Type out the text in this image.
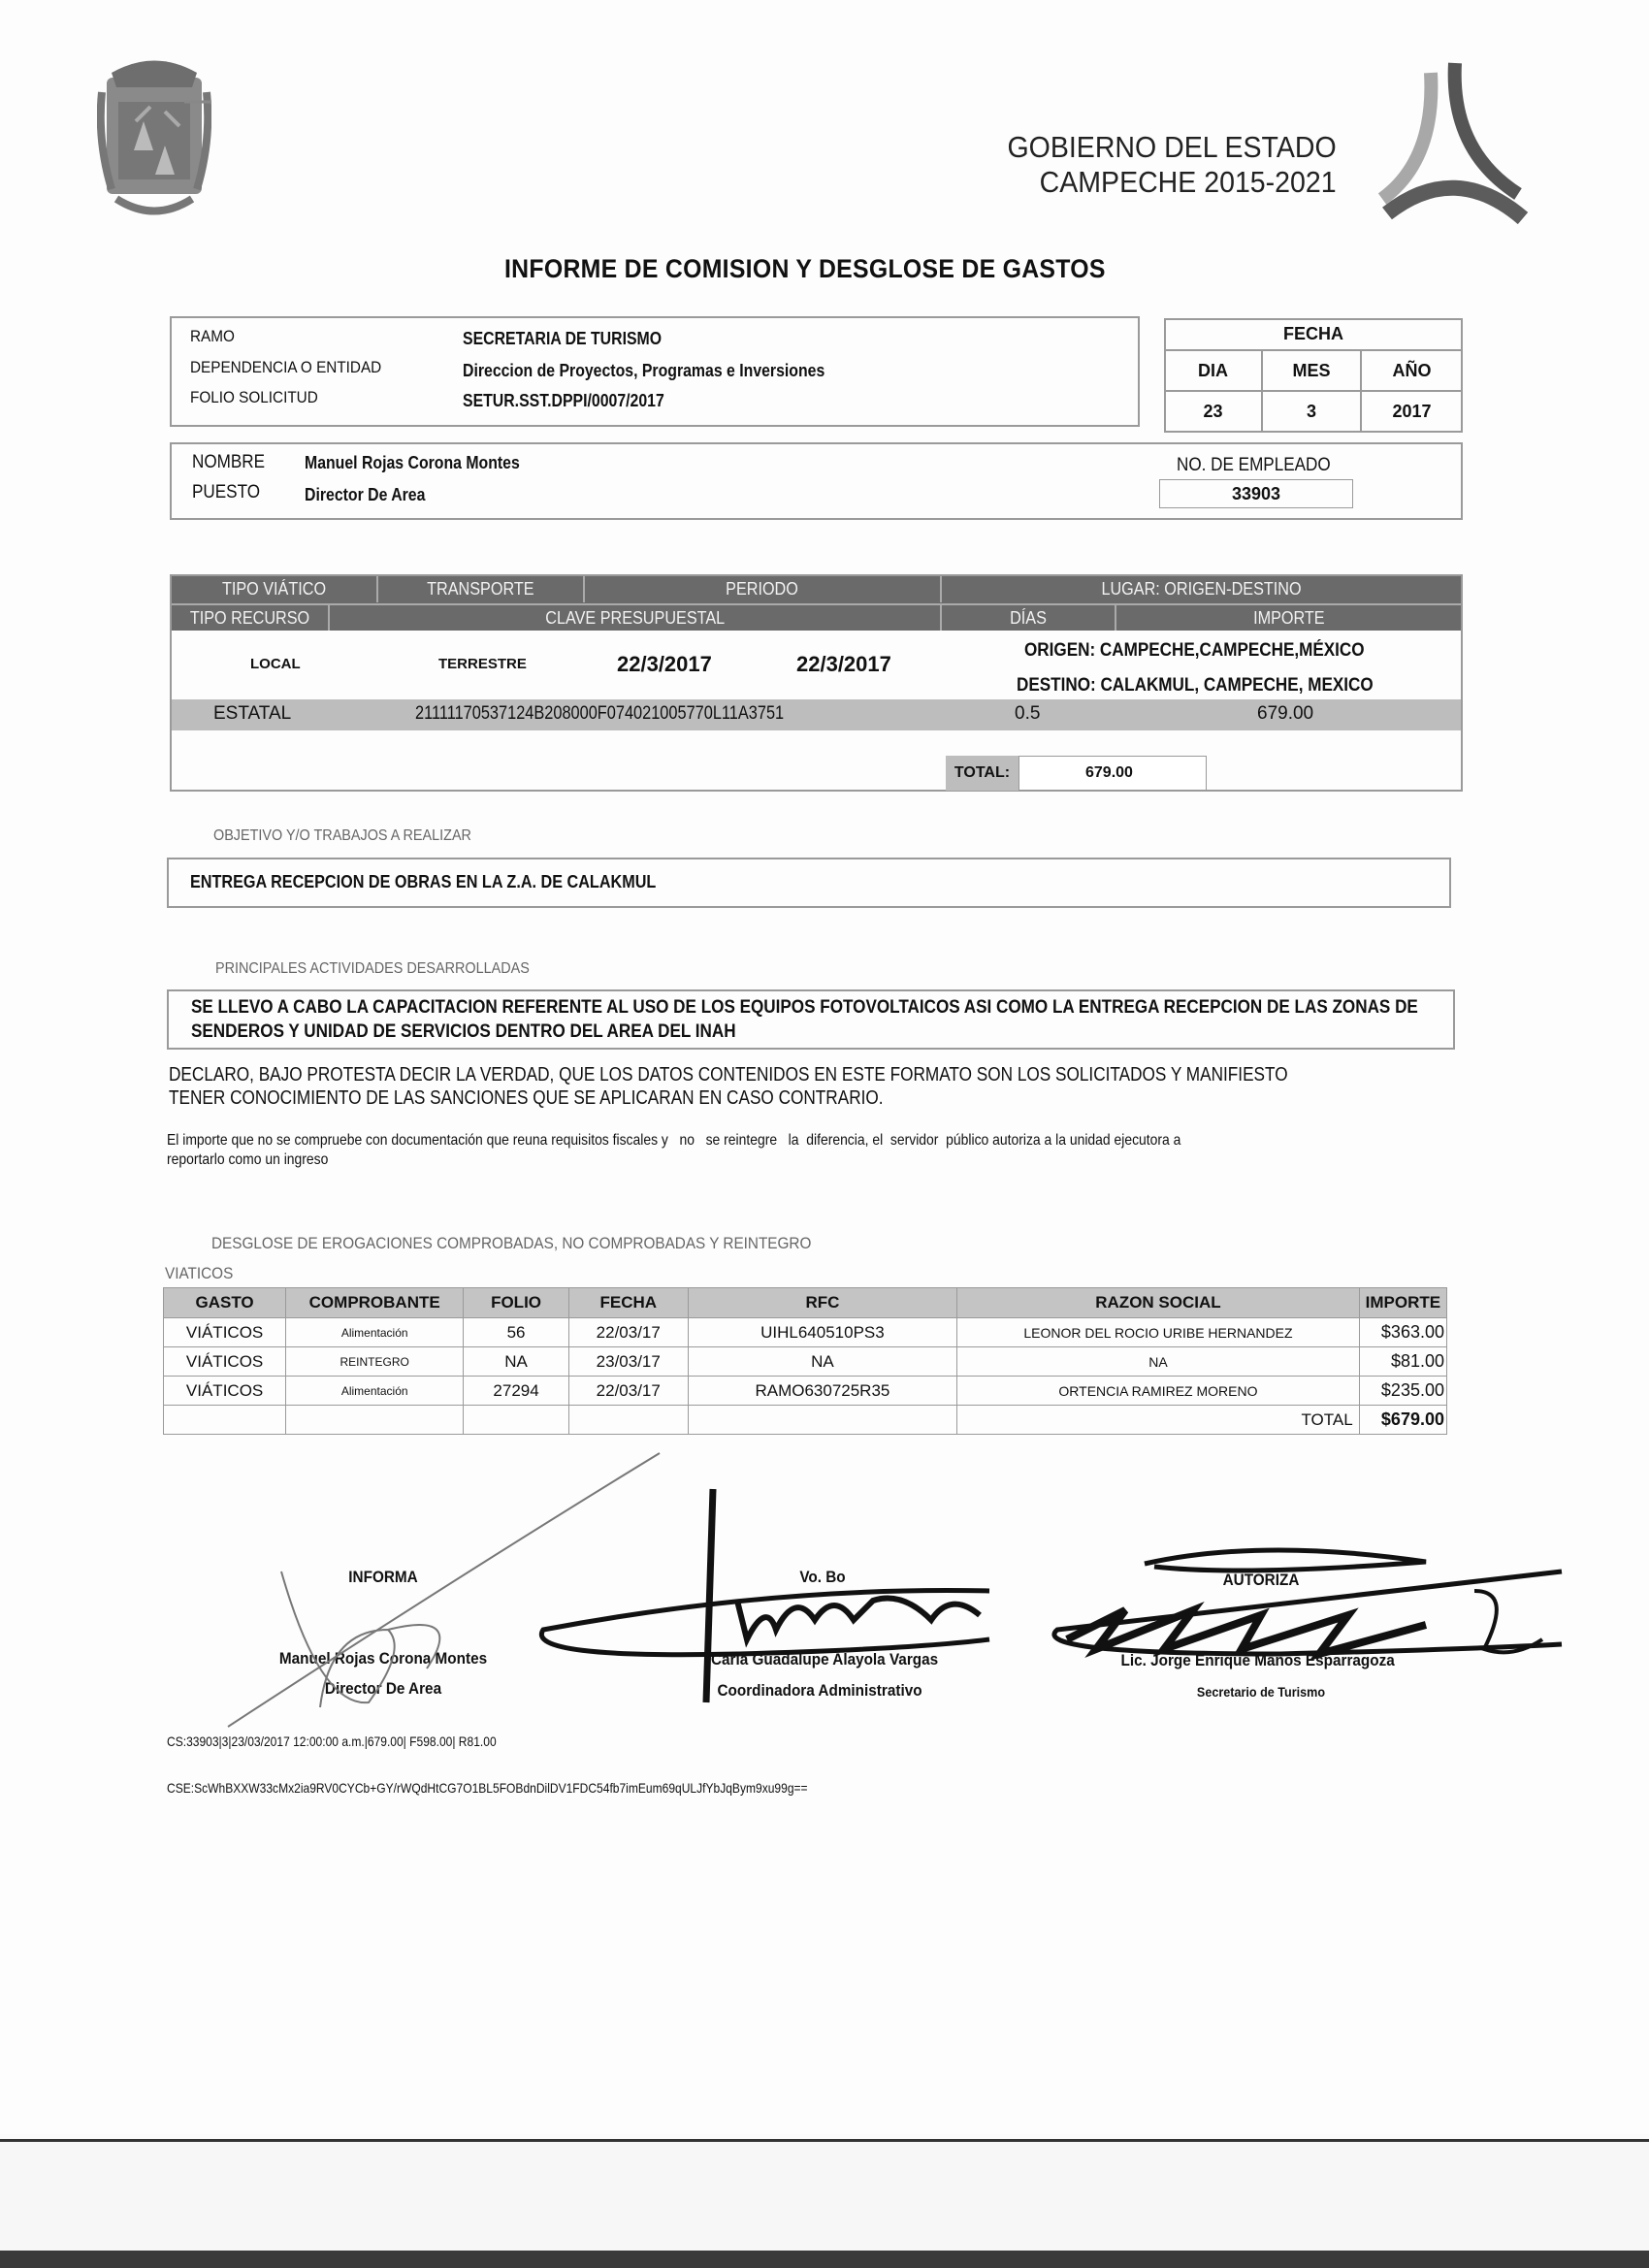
GOBIERNO DEL ESTADO
CAMPECHE 2015-2021
INFORME DE COMISION Y DESGLOSE DE GASTOS
RAMO	SECRETARIA DE TURISMO
DEPENDENCIA O ENTIDAD	Direccion de Proyectos, Programas e Inversiones
FOLIO SOLICITUD	SETUR.SST.DPPI/0007/2017
FECHA
DIA	MES	AÑO
23	3	2017
NOMBRE Manuel Rojas Corona Montes
PUESTO	Director De Area
NO. DE EMPLEADO
33903
TIPO VIÁTICO	TRANSPORTE	PERIODO	LUGAR: ORIGEN-DESTINO
TIPO RECURSO	CLAVE PRESUPUESTAL	DÍAS	IMPORTE
LOCAL	TERRESTRE	22/3/2017	22/3/2017
ORIGEN: CAMPECHE,CAMPECHE,MÉXICO
DESTINO: CALAKMUL, CAMPECHE, MEXICO
ESTATAL	21111170537124B208000F074021005770L11A3751	0.5	679.00
TOTAL:	679.00
OBJETIVO Y/O TRABAJOS A REALIZAR
ENTREGA RECEPCION DE OBRAS EN LA Z.A. DE CALAKMUL
PRINCIPALES ACTIVIDADES DESARROLLADAS
SE LLEVO A CABO LA CAPACITACION REFERENTE AL USO DE LOS EQUIPOS FOTOVOLTAICOS ASI COMO LA ENTREGA RECEPCION DE LAS ZONAS DE
SENDEROS Y UNIDAD DE SERVICIOS DENTRO DEL AREA DEL INAH
DECLARO, BAJO PROTESTA DECIR LA VERDAD, QUE LOS DATOS CONTENIDOS EN ESTE FORMATO SON LOS SOLICITADOS Y MANIFIESTO
TENER CONOCIMIENTO DE LAS SANCIONES QUE SE APLICARAN EN CASO CONTRARIO.
El importe que no se compruebe con documentación que reuna requisitos fiscales y   no   se reintegre   la  diferencia, el  servidor  público autoriza a la unidad ejecutora a
reportarlo como un ingreso
DESGLOSE DE EROGACIONES COMPROBADAS, NO COMPROBADAS Y REINTEGRO
VIATICOS
GASTO	COMPROBANTE	FOLIO	FECHA	RFC	RAZON SOCIAL	IMPORTE
VIÁTICOS	Alimentación	56	22/03/17	UIHL640510PS3	LEONOR DEL ROCIO URIBE HERNANDEZ	$363.00
VIÁTICOS	REINTEGRO	NA	23/03/17	NA	NA	$81.00
VIÁTICOS	Alimentación	27294	22/03/17	RAMO630725R35	ORTENCIA RAMIREZ MORENO	$235.00
					TOTAL	$679.00
INFORMA
Manuel Rojas Corona Montes
Director De Area
Vo. Bo
Carla Guadalupe Alayola Vargas
Coordinadora Administrativo
AUTORIZA
Lic. Jorge Enrique Manos Esparragoza
Secretario de Turismo
CS:33903|3|23/03/2017 12:00:00 a.m.|679.00| F598.00| R81.00
CSE:ScWhBXXW33cMx2ia9RV0CYCb+GY/rWQdHtCG7O1BL5FOBdnDilDV1FDC54fb7imEum69qULJfYbJqBym9xu99g==
